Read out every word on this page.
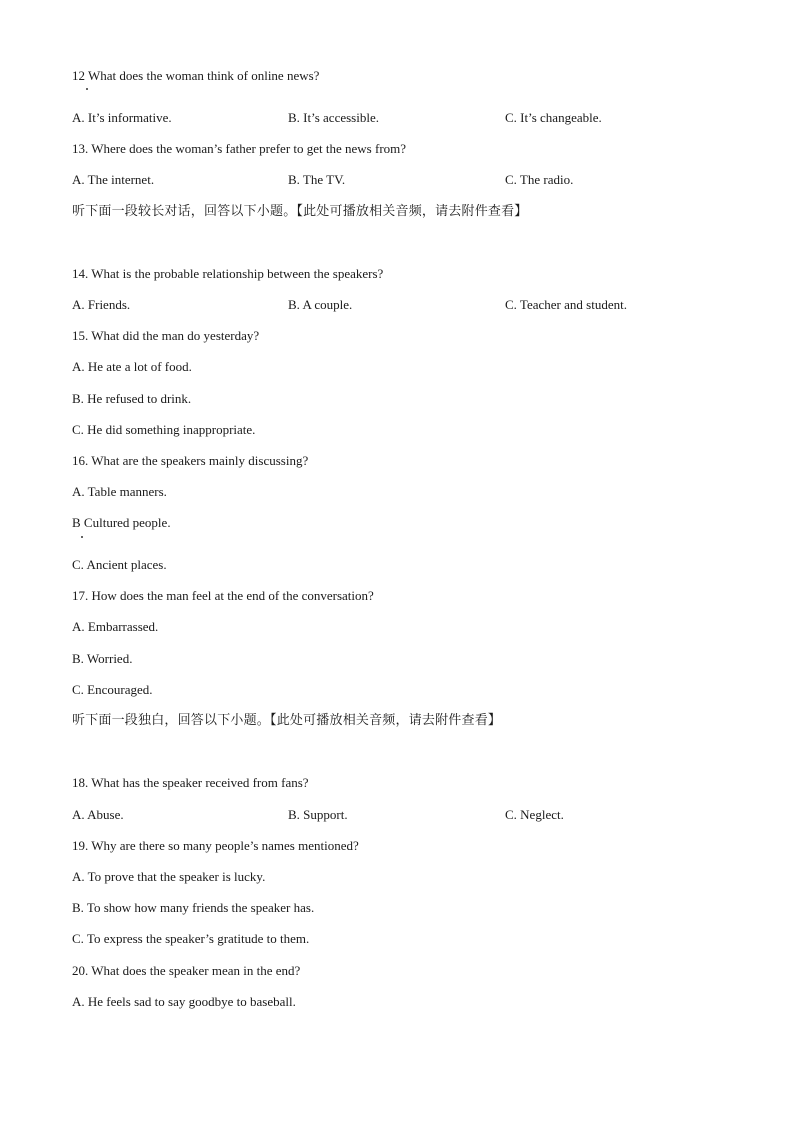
12 What does the woman think of online news?
A. It’s informative.	B. It’s accessible.	C. It’s changeable.
13. Where does the woman’s father prefer to get the news from?
A. The internet.	B. The TV.	C. The radio.
听下面一段较长对话，回答以下小题。【此处可播放相关音频，请去附件查看】
14. What is the probable relationship between the speakers?
A. Friends.	B. A couple.	C. Teacher and student.
15. What did the man do yesterday?
A. He ate a lot of food.
B. He refused to drink.
C. He did something inappropriate.
16. What are the speakers mainly discussing?
A. Table manners.
B Cultured people.
C. Ancient places.
17. How does the man feel at the end of the conversation?
A. Embarrassed.
B. Worried.
C. Encouraged.
听下面一段独白，回答以下小题。【此处可播放相关音频，请去附件查看】
18. What has the speaker received from fans?
A. Abuse.	B. Support.	C. Neglect.
19. Why are there so many people’s names mentioned?
A. To prove that the speaker is lucky.
B. To show how many friends the speaker has.
C. To express the speaker’s gratitude to them.
20. What does the speaker mean in the end?
A. He feels sad to say goodbye to baseball.
